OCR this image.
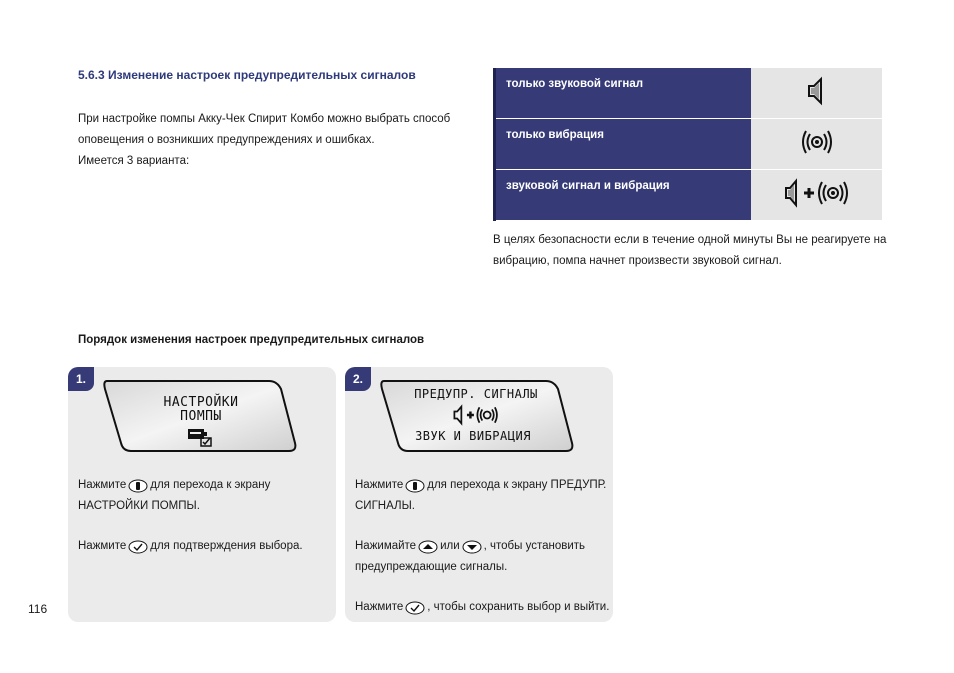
5.6.3 Изменение настроек предупредительных сигналов
При настройке помпы Акку-Чек Спирит Комбо можно выбрать способ
оповещения о возникших предупреждениях и ошибках.
Имеется 3 варианта:
только звуковой сигнал	
только вибрация	
звуковой сигнал и вибрация	
В целях безопасности если в течение одной минуты Вы не реагируете на
вибрацию, помпа начнет произвести звуковой сигнал.
Порядок изменения настроек предупредительных сигналов
1.
НАСТРОЙКИ
ПОМПЫ
Нажмите для перехода к экрану
НАСТРОЙКИ ПОМПЫ.
Нажмите для подтверждения выбора.
2.
ПРЕДУПР. СИГНАЛЫ
ЗВУК И ВИБРАЦИЯ
Нажмите для перехода к экрану ПРЕДУПР.
СИГНАЛЫ.
Нажимайте или , чтобы установить
предупреждающие сигналы.
Нажмите , чтобы сохранить выбор и выйти.
116
